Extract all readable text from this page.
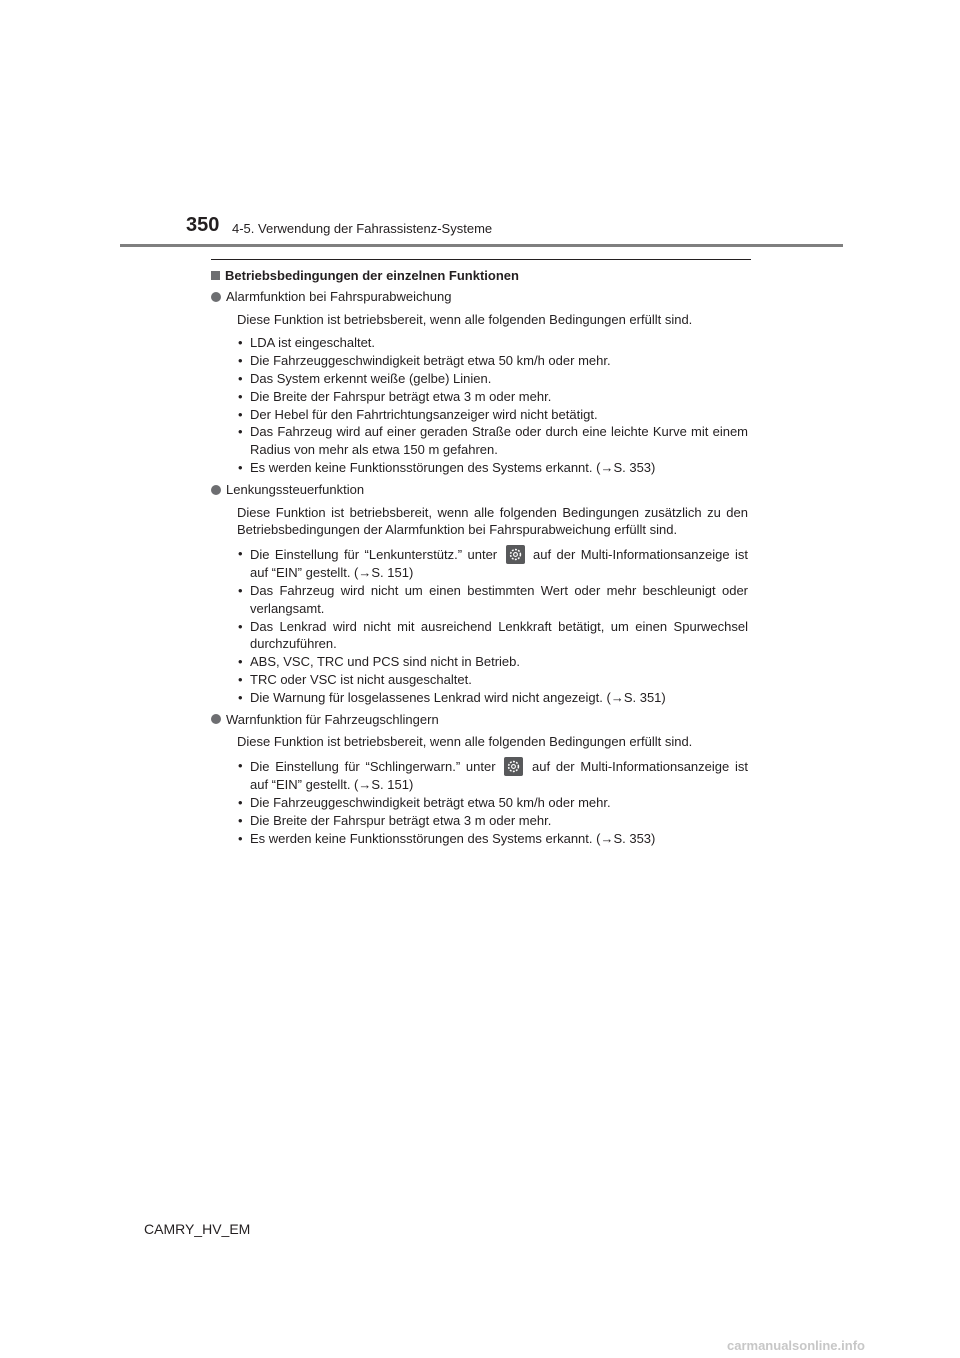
350 4-5. Verwendung der Fahrassistenz-Systeme
Betriebsbedingungen der einzelnen Funktionen
Alarmfunktion bei Fahrspurabweichung
Diese Funktion ist betriebsbereit, wenn alle folgenden Bedingungen erfüllt sind.
• LDA ist eingeschaltet.
• Die Fahrzeuggeschwindigkeit beträgt etwa 50 km/h oder mehr.
• Das System erkennt weiße (gelbe) Linien.
• Die Breite der Fahrspur beträgt etwa 3 m oder mehr.
• Der Hebel für den Fahrtrichtungsanzeiger wird nicht betätigt.
• Das Fahrzeug wird auf einer geraden Straße oder durch eine leichte Kurve mit einem Radius von mehr als etwa 150 m gefahren.
• Es werden keine Funktionsstörungen des Systems erkannt. (→S. 353)
Lenkungssteuerfunktion
Diese Funktion ist betriebsbereit, wenn alle folgenden Bedingungen zusätzlich zu den Betriebsbedingungen der Alarmfunktion bei Fahrspurabweichung erfüllt sind.
• Die Einstellung für “Lenkunterstütz.” unter	auf der Multi-Informationsanzeige ist auf “EIN” gestellt. (→S. 151)
• Das Fahrzeug wird nicht um einen bestimmten Wert oder mehr beschleunigt oder verlangsamt.
• Das Lenkrad wird nicht mit ausreichend Lenkkraft betätigt, um einen Spurwechsel durchzuführen.
• ABS, VSC, TRC und PCS sind nicht in Betrieb.
• TRC oder VSC ist nicht ausgeschaltet.
• Die Warnung für losgelassenes Lenkrad wird nicht angezeigt. (→S. 351)
Warnfunktion für Fahrzeugschlingern
Diese Funktion ist betriebsbereit, wenn alle folgenden Bedingungen erfüllt sind.
• Die Einstellung für “Schlingerwarn.” unter	auf der Multi-Informationsanzeige ist auf “EIN” gestellt. (→S. 151)
• Die Fahrzeuggeschwindigkeit beträgt etwa 50 km/h oder mehr.
• Die Breite der Fahrspur beträgt etwa 3 m oder mehr.
• Es werden keine Funktionsstörungen des Systems erkannt. (→S. 353)
CAMRY_HV_EM
carmanualsonline.info
